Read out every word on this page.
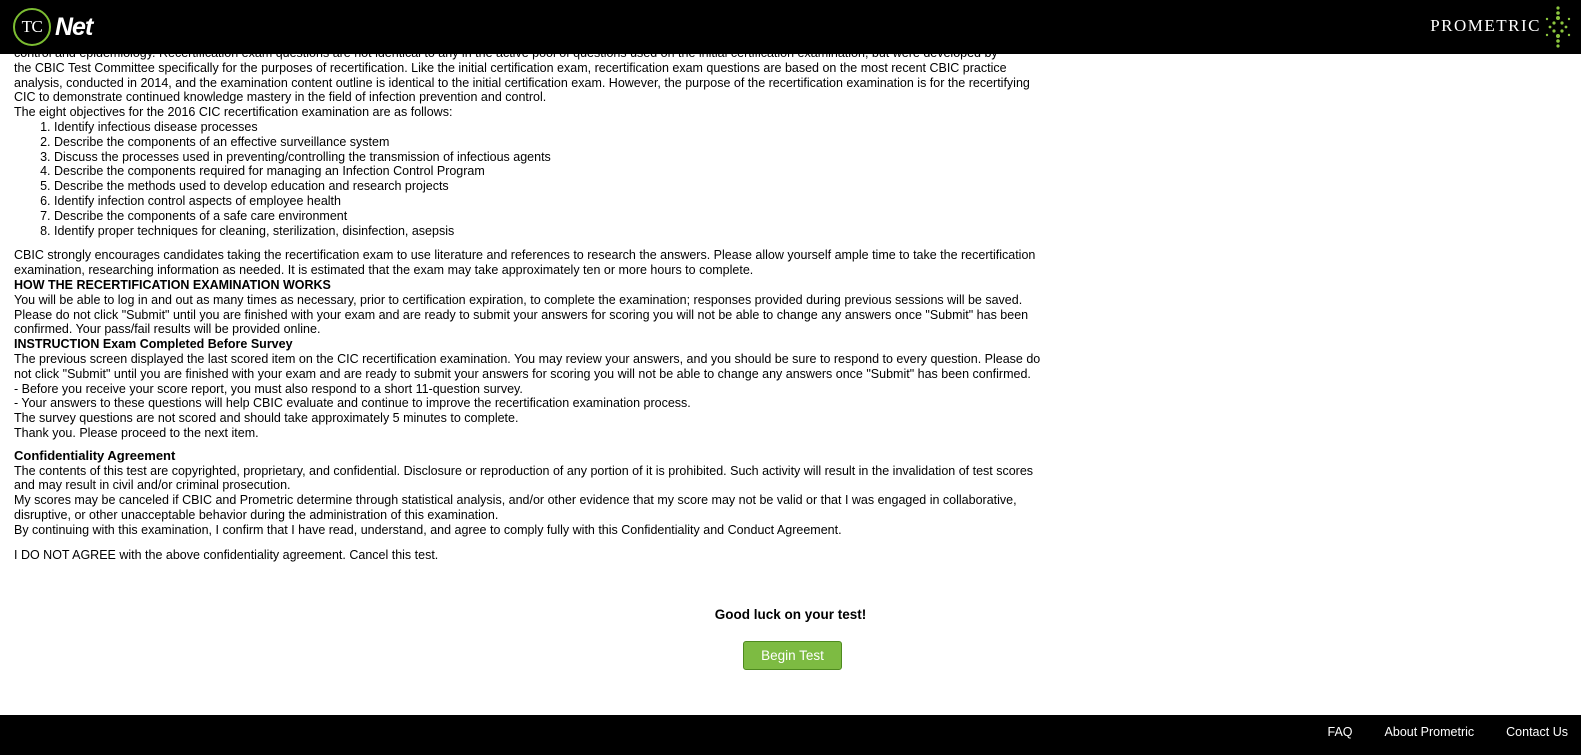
TC Net	PROMETRIC

the CBIC Test Committee specifically for the purposes of recertification. Like the initial certification exam, recertification exam questions are based on the most recent CBIC practice analysis, conducted in 2014, and the examination content outline is identical to the initial certification exam. However, the purpose of the recertification examination is for the recertifying CIC to demonstrate continued knowledge mastery in the field of infection prevention and control.

The eight objectives for the 2016 CIC recertification examination are as follows:

1. Identify infectious disease processes
2. Describe the components of an effective surveillance system
3. Discuss the processes used in preventing/controlling the transmission of infectious agents
4. Describe the components required for managing an Infection Control Program
5. Describe the methods used to develop education and research projects
6. Identify infection control aspects of employee health
7. Describe the components of a safe care environment
8. Identify proper techniques for cleaning, sterilization, disinfection, asepsis

CBIC strongly encourages candidates taking the recertification exam to use literature and references to research the answers. Please allow yourself ample time to take the recertification examination, researching information as needed. It is estimated that the exam may take approximately ten or more hours to complete.

HOW THE RECERTIFICATION EXAMINATION WORKS

You will be able to log in and out as many times as necessary, prior to certification expiration, to complete the examination; responses provided during previous sessions will be saved. Please do not click "Submit" until you are finished with your exam and are ready to submit your answers for scoring you will not be able to change any answers once "Submit" has been confirmed. Your pass/fail results will be provided online.

INSTRUCTION Exam Completed Before Survey

The previous screen displayed the last scored item on the CIC recertification examination. You may review your answers, and you should be sure to respond to every question. Please do not click "Submit" until you are finished with your exam and are ready to submit your answers for scoring you will not be able to change any answers once "Submit" has been confirmed.

- Before you receive your score report, you must also respond to a short 11-question survey.

- Your answers to these questions will help CBIC evaluate and continue to improve the recertification examination process.

The survey questions are not scored and should take approximately 5 minutes to complete.

Thank you. Please proceed to the next item.

Confidentiality Agreement

The contents of this test are copyrighted, proprietary, and confidential. Disclosure or reproduction of any portion of it is prohibited. Such activity will result in the invalidation of test scores and may result in civil and/or criminal prosecution.

My scores may be canceled if CBIC and Prometric determine through statistical analysis, and/or other evidence that my score may not be valid or that I was engaged in collaborative, disruptive, or other unacceptable behavior during the administration of this examination.

By continuing with this examination, I confirm that I have read, understand, and agree to comply fully with this Confidentiality and Conduct Agreement.

I DO NOT AGREE with the above confidentiality agreement. Cancel this test.

Good luck on your test!
Begin Test
FAQ	About Prometric	Contact Us
